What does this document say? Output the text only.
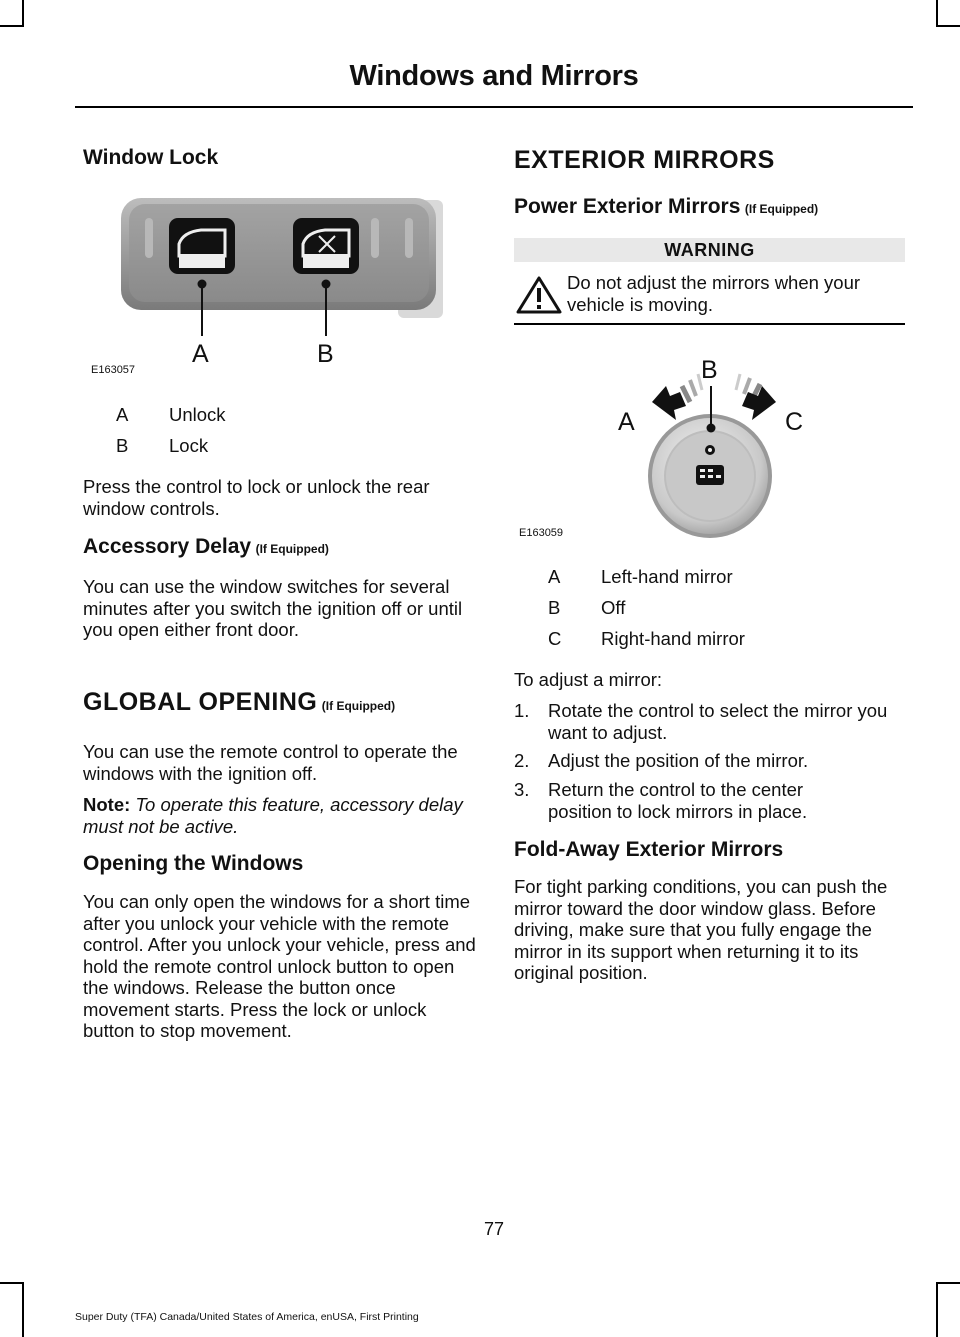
Windows and Mirrors
Window Lock
A	B
E163057
A Unlock
B Lock
Press the control to lock or unlock the rear window controls.
Accessory Delay (If Equipped)
You can use the window switches for several minutes after you switch the ignition off or until you open either front door.
GLOBAL OPENING (If Equipped)
You can use the remote control to operate the windows with the ignition off.
Note: To operate this feature, accessory delay must not be active.
Opening the Windows
You can only open the windows for a short time after you unlock your vehicle with the remote control. After you unlock your vehicle, press and hold the remote control unlock button to open the windows. Release the button once movement starts. Press the lock or unlock button to stop movement.
EXTERIOR MIRRORS
Power Exterior Mirrors (If Equipped)
WARNING
Do not adjust the mirrors when your vehicle is moving.
B
A	C
E163059
A Left-hand mirror
B Off
C Right-hand mirror
To adjust a mirror:
1. Rotate the control to select the mirror you want to adjust.
2. Adjust the position of the mirror.
3. Return the control to the center position to lock mirrors in place.
Fold-Away Exterior Mirrors
For tight parking conditions, you can push the mirror toward the door window glass. Before driving, make sure that you fully engage the mirror in its support when returning it to its original position.
77
Super Duty (TFA) Canada/United States of America, enUSA, First Printing
